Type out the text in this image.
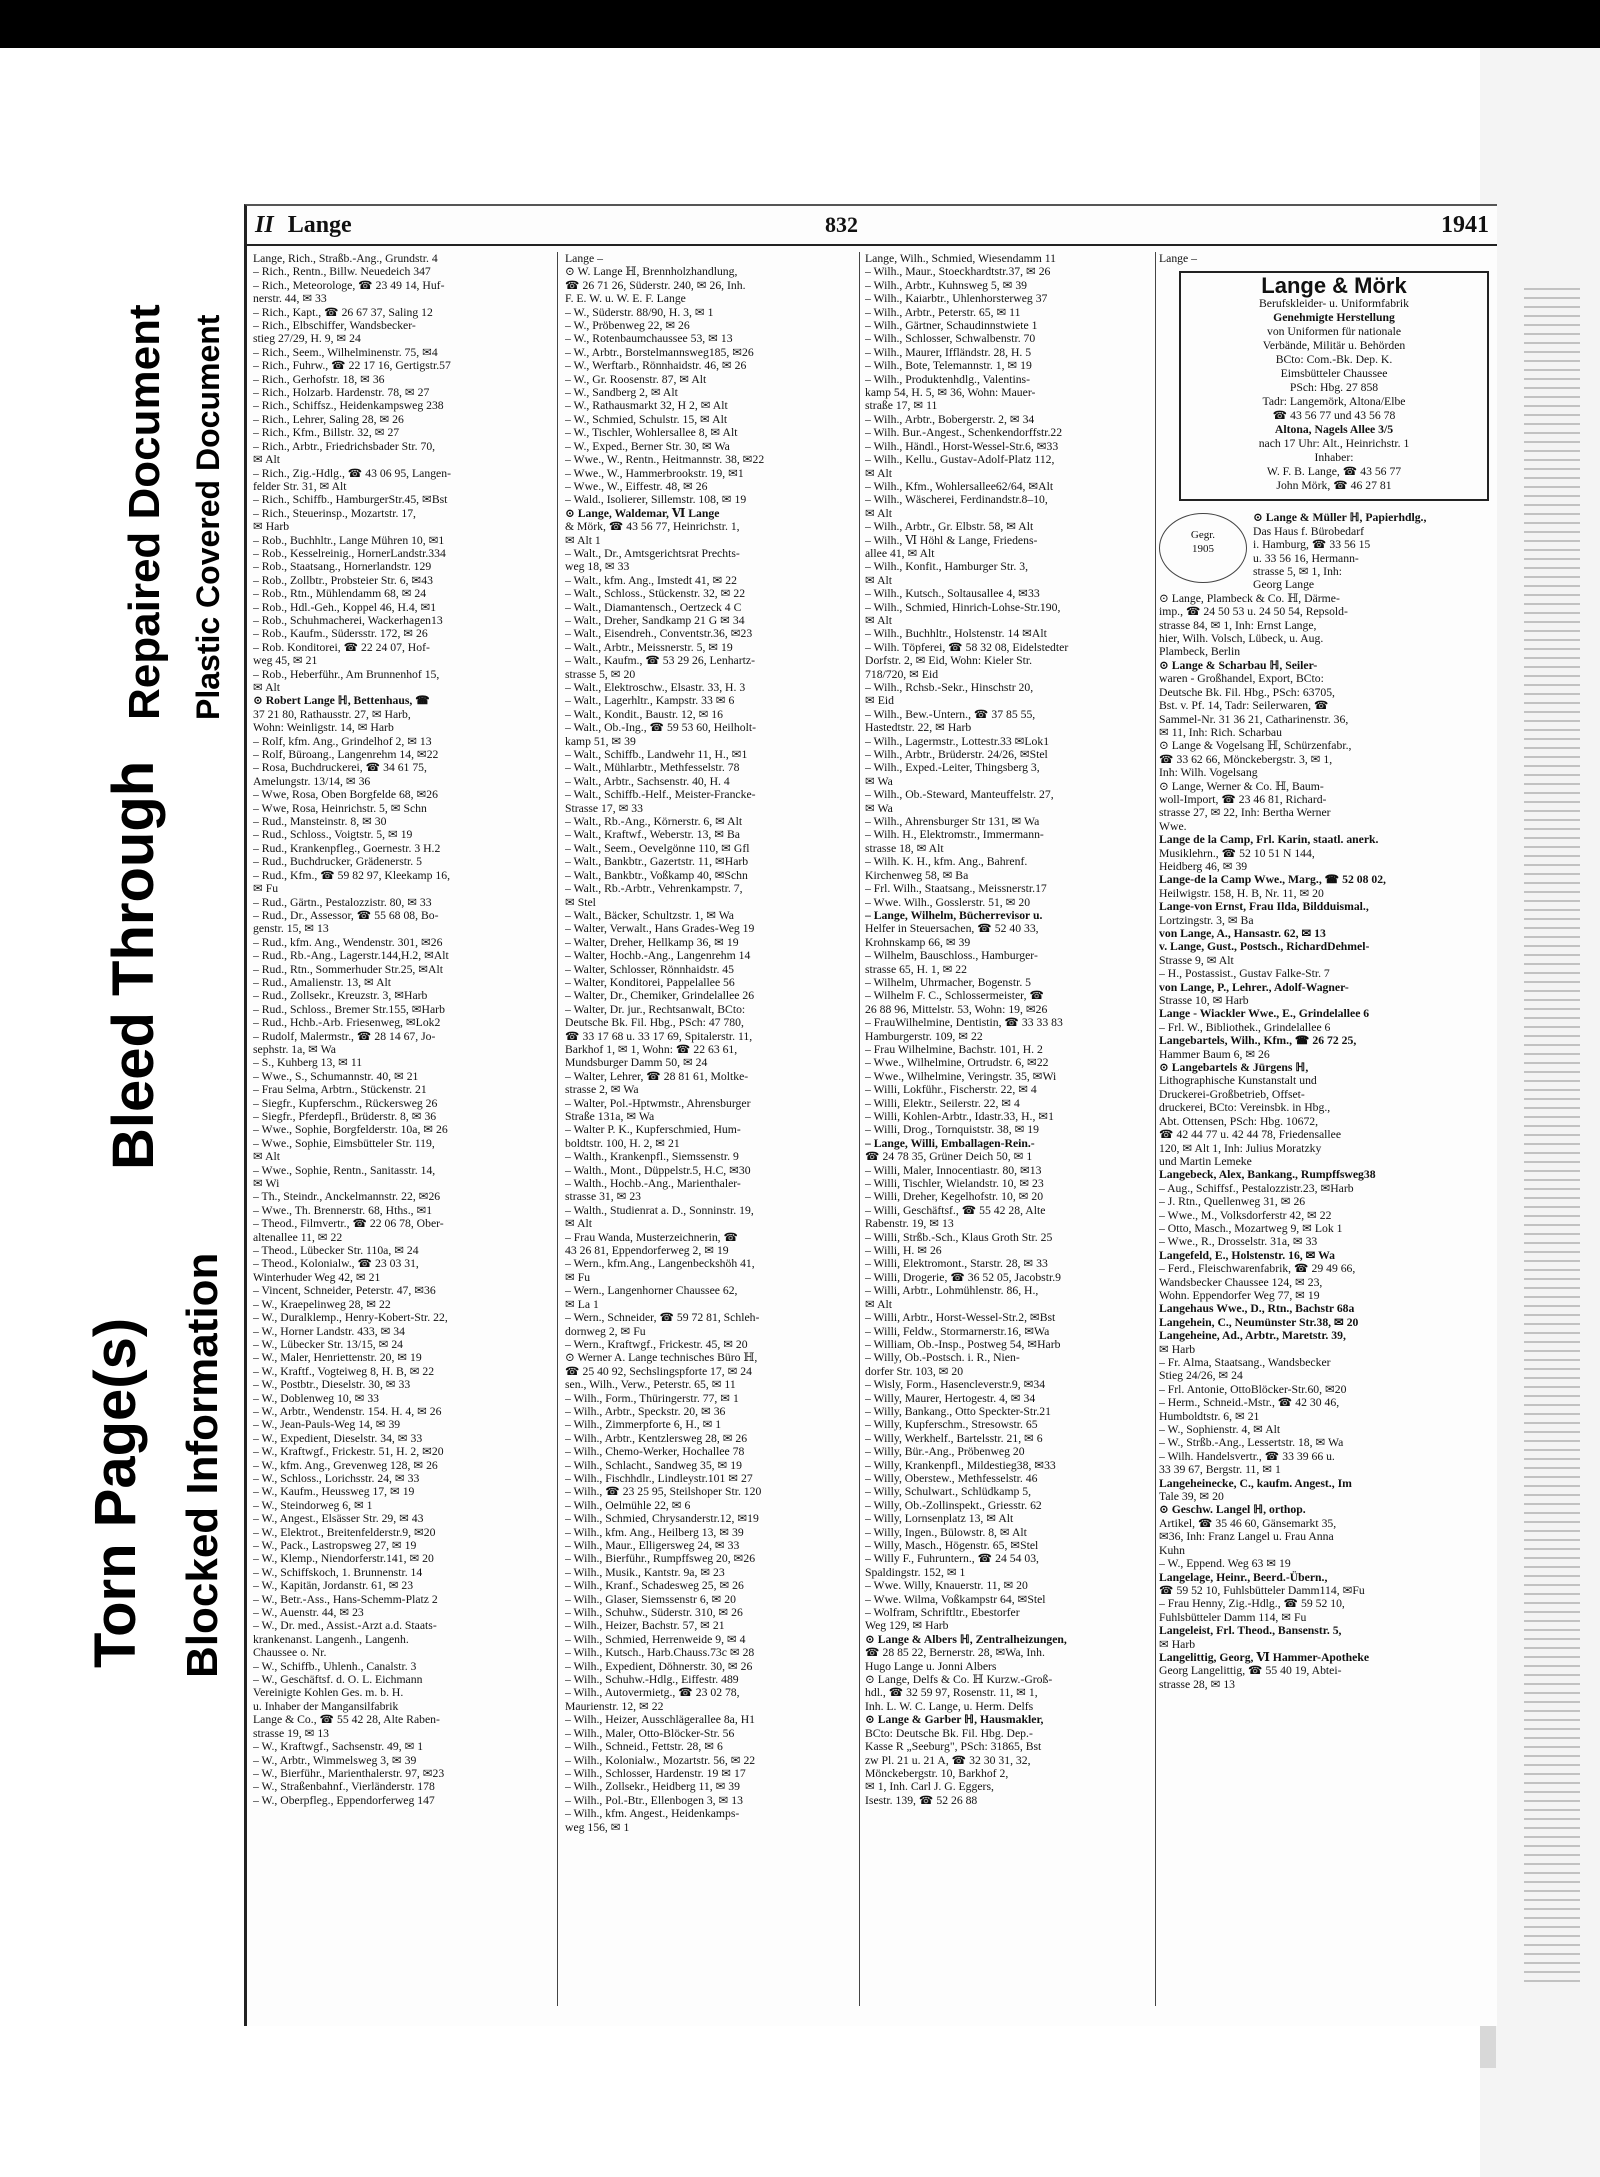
Torn Page(s)
Bleed Through
Repaired Document
Blocked Information
Plastic Covered Document
II Lange	832	1941
Lange, Rich., Straßb.-Ang., Grundstr. 4
– Rich., Rentn., Billw. Neuedeich 347
– Rich., Meteorologe, ☎ 23 49 14, Huf-
nerstr. 44, ✉ 33
– Rich., Kapt., ☎ 26 67 37, Saling 12
– Rich., Elbschiffer, Wandsbecker-
stieg 27/29, H. 9, ✉ 24
– Rich., Seem., Wilhelminenstr. 75, ✉4
– Rich., Fuhrw., ☎ 22 17 16, Gertigstr.57
– Rich., Gerhofstr. 18, ✉ 36
– Rich., Holzarb. Hardenstr. 78, ✉ 27
– Rich., Schiffsz., Heidenkampsweg 238
– Rich., Lehrer, Saling 28, ✉ 26
– Rich., Kfm., Billstr. 32, ✉ 27
– Rich., Arbtr., Friedrichsbader Str. 70,
✉ Alt
– Rich., Zig.-Hdlg., ☎ 43 06 95, Langen-
felder Str. 31, ✉ Alt
– Rich., Schiffb., HamburgerStr.45, ✉Bst
– Rich., Steuerinsp., Mozartstr. 17,
✉ Harb
– Rob., Buchhltr., Lange Mühren 10, ✉1
– Rob., Kesselreinig., HornerLandstr.334
– Rob., Staatsang., Hornerlandstr. 129
– Rob., Zollbtr., Probsteier Str. 6, ✉43
– Rob., Rtn., Mühlendamm 68, ✉ 24
– Rob., Hdl.-Geh., Koppel 46, H.4, ✉1
– Rob., Schuhmacherei, Wackerhagen13
– Rob., Kaufm., Südersstr. 172, ✉ 26
– Rob. Konditorei, ☎ 22 24 07, Hof-
weg 45, ✉ 21
– Rob., Heberführ., Am Brunnenhof 15,
✉ Alt
⊙ Robert Lange ℍ, Bettenhaus, ☎
37 21 80, Rathausstr. 27, ✉ Harb,
Wohn: Weinligstr. 14, ✉ Harb
– Rolf, kfm. Ang., Grindelhof 2, ✉ 13
– Rolf, Büroang., Langenrehm 14, ✉22
– Rosa, Buchdruckerei, ☎ 34 61 75,
Amelungstr. 13/14, ✉ 36
– Wwe, Rosa, Oben Borgfelde 68, ✉26
– Wwe, Rosa, Heinrichstr. 5, ✉ Schn
– Rud., Mansteinstr. 8, ✉ 30
– Rud., Schloss., Voigtstr. 5, ✉ 19
– Rud., Krankenpfleg., Goernestr. 3 H.2
– Rud., Buchdrucker, Grädenerstr. 5
– Rud., Kfm., ☎ 59 82 97, Kleekamp 16,
✉ Fu
– Rud., Gärtn., Pestalozzistr. 80, ✉ 33
– Rud., Dr., Assessor, ☎ 55 68 08, Bo-
genstr. 15, ✉ 13
– Rud., kfm. Ang., Wendenstr. 301, ✉26
– Rud., Rb.-Ang., Lagerstr.144,H.2, ✉Alt
– Rud., Rtn., Sommerhuder Str.25, ✉Alt
– Rud., Amalienstr. 13, ✉ Alt
– Rud., Zollsekr., Kreuzstr. 3, ✉Harb
– Rud., Schloss., Bremer Str.155, ✉Harb
– Rud., Hchb.-Arb. Friesenweg, ✉Lok2
– Rudolf, Malermstr., ☎ 28 14 67, Jo-
sephstr. 1a, ✉ Wa
– S., Kuhberg 13, ✉ 11
– Wwe., S., Schumannstr. 40, ✉ 21
– Frau Selma, Arbtrn., Stückenstr. 21
– Siegfr., Kupferschm., Rückersweg 26
– Siegfr., Pferdepfl., Brüderstr. 8, ✉ 36
– Wwe., Sophie, Borgfelderstr. 10a, ✉ 26
– Wwe., Sophie, Eimsbütteler Str. 119,
✉ Alt
– Wwe., Sophie, Rentn., Sanitasstr. 14,
✉ Wi
– Th., Steindr., Anckelmannstr. 22, ✉26
– Wwe., Th. Brennerstr. 68, Hths., ✉1
– Theod., Filmvertr., ☎ 22 06 78, Ober-
altenallee 11, ✉ 22
– Theod., Lübecker Str. 110a, ✉ 24
– Theod., Kolonialw., ☎ 23 03 31,
Winterhuder Weg 42, ✉ 21
– Vincent, Schneider, Peterstr. 47, ✉36
– W., Kraepelinweg 28, ✉ 22
– W., Duralklemp., Henry-Kobert-Str. 22,
– W., Horner Landstr. 433, ✉ 34
– W., Lübecker Str. 13/15, ✉ 24
– W., Maler, Henriettenstr. 20, ✉ 19
– W., Kraftf., Vogteiweg 8, H. B, ✉ 22
– W., Postbtr., Dieselstr. 30, ✉ 33
– W., Doblenweg 10, ✉ 33
– W., Arbtr., Wendenstr. 154. H. 4, ✉ 26
– W., Jean-Pauls-Weg 14, ✉ 39
– W., Expedient, Dieselstr. 34, ✉ 33
– W., Kraftwgf., Frickestr. 51, H. 2, ✉20
– W., kfm. Ang., Grevenweg 128, ✉ 26
– W., Schloss., Lorichsstr. 24, ✉ 33
– W., Kaufm., Heussweg 17, ✉ 19
– W., Steindorweg 6, ✉ 1
– W., Angest., Elsässer Str. 29, ✉ 43
– W., Elektrot., Breitenfelderstr.9, ✉20
– W., Pack., Lastropsweg 27, ✉ 19
– W., Klemp., Niendorferstr.141, ✉ 20
– W., Schiffskoch, 1. Brunnenstr. 14
– W., Kapitän, Jordanstr. 61, ✉ 23
– W., Betr.-Ass., Hans-Schemm-Platz 2
– W., Auenstr. 44, ✉ 23
– W., Dr. med., Assist.-Arzt a.d. Staats-
krankenanst. Langenh., Langenh.
Chaussee o. Nr.
– W., Schiffb., Uhlenh., Canalstr. 3
– W., Geschäftsf. d. O. L. Eichmann
Vereinigte Kohlen Ges. m. b. H.
u. Inhaber der Mangansilfabrik
Lange & Co., ☎ 55 42 28, Alte Raben-
strasse 19, ✉ 13
– W., Kraftwgf., Sachsenstr. 49, ✉ 1
– W., Arbtr., Wimmelsweg 3, ✉ 39
– W., Bierführ., Marienthalerstr. 97, ✉23
– W., Straßenbahnf., Vierländerstr. 178
– W., Oberpfleg., Eppendorferweg 147
Lange –
⊙ W. Lange ℍ, Brennholzhandlung,
☎ 26 71 26, Süderstr. 240, ✉ 26, Inh.
F. E. W. u. W. E. F. Lange
– W., Süderstr. 88/90, H. 3, ✉ 1
– W., Pröbenweg 22, ✉ 26
– W., Rotenbaumchaussee 53, ✉ 13
– W., Arbtr., Borstelmannsweg185, ✉26
– W., Werftarb., Rönnhaidstr. 46, ✉ 26
– W., Gr. Roosenstr. 87, ✉ Alt
– W., Sandberg 2, ✉ Alt
– W., Rathausmarkt 32, H 2, ✉ Alt
– W., Schmied, Schulstr. 15, ✉ Alt
– W., Tischler, Wohlersallee 8, ✉ Alt
– W., Exped., Berner Str. 30, ✉ Wa
– Wwe., W., Rentn., Heitmannstr. 38, ✉22
– Wwe., W., Hammerbrookstr. 19, ✉1
– Wwe., W., Eiffestr. 48, ✉ 26
– Wald., Isolierer, Sillemstr. 108, ✉ 19
⊙ Lange, Waldemar, Ⅵ Lange
& Mörk, ☎ 43 56 77, Heinrichstr. 1,
✉ Alt 1
– Walt., Dr., Amtsgerichtsrat Prechts-
weg 18, ✉ 33
– Walt., kfm. Ang., Imstedt 41, ✉ 22
– Walt., Schloss., Stückenstr. 32, ✉ 22
– Walt., Diamantensch., Oertzeck 4 C
– Walt., Dreher, Sandkamp 21 G ✉ 34
– Walt., Eisendreh., Conventstr.36, ✉23
– Walt., Arbtr., Meissnerstr. 5, ✉ 19
– Walt., Kaufm., ☎ 53 29 26, Lenhartz-
strasse 5, ✉ 20
– Walt., Elektroschw., Elsastr. 33, H. 3
– Walt., Lagerhltr., Kampstr. 33 ✉ 6
– Walt., Kondit., Baustr. 12, ✉ 16
– Walt., Ob.-Ing., ☎ 59 53 60, Heilholt-
kamp 51, ✉ 39
– Walt., Schiffb., Landwehr 11, H., ✉1
– Walt., Mühlarbtr., Methfesselstr. 78
– Walt., Arbtr., Sachsenstr. 40, H. 4
– Walt., Schiffb.-Helf., Meister-Francke-
Strasse 17, ✉ 33
– Walt., Rb.-Ang., Körnerstr. 6, ✉ Alt
– Walt., Kraftwf., Weberstr. 13, ✉ Ba
– Walt., Seem., Oevelgönne 110, ✉ Gfl
– Walt., Bankbtr., Gazertstr. 11, ✉Harb
– Walt., Bankbtr., Voßkamp 40, ✉Schn
– Walt., Rb.-Arbtr., Vehrenkampstr. 7,
✉ Stel
– Walt., Bäcker, Schultzstr. 1, ✉ Wa
– Walter, Verwalt., Hans Grades-Weg 19
– Walter, Dreher, Hellkamp 36, ✉ 19
– Walter, Hochb.-Ang., Langenrehm 14
– Walter, Schlosser, Rönnhaidstr. 45
– Walter, Konditorei, Pappelallee 56
– Walter, Dr., Chemiker, Grindelallee 26
– Walter, Dr. jur., Rechtsanwalt, BCto:
Deutsche Bk. Fil. Hbg., PSch: 47 780,
☎ 33 17 68 u. 33 17 69, Spitalerstr. 11,
Barkhof 1, ✉ 1, Wohn: ☎ 22 63 61,
Mundsburger Damm 50, ✉ 24
– Walter, Lehrer, ☎ 28 81 61, Moltke-
strasse 2, ✉ Wa
– Walter, Pol.-Hptwmstr., Ahrensburger
Straße 131a, ✉ Wa
– Walter P. K., Kupferschmied, Hum-
boldtstr. 100, H. 2, ✉ 21
– Walth., Krankenpfl., Siemssenstr. 9
– Walth., Mont., Düppelstr.5, H.C, ✉30
– Walth., Hochb.-Ang., Marienthaler-
strasse 31, ✉ 23
– Walth., Studienrat a. D., Sonninstr. 19,
✉ Alt
– Frau Wanda, Musterzeichnerin, ☎
43 26 81, Eppendorferweg 2, ✉ 19
– Wern., kfm.Ang., Langenbeckshöh 41,
✉ Fu
– Wern., Langenhorner Chaussee 62,
✉ La 1
– Wern., Schneider, ☎ 59 72 81, Schleh-
dornweg 2, ✉ Fu
– Wern., Kraftwgf., Frickestr. 45, ✉ 20
⊙ Werner A. Lange technisches Büro ℍ,
☎ 25 40 92, Sechslingspforte 17, ✉ 24
sen., Wilh., Verw., Peterstr. 65, ✉ 11
– Wilh., Form., Thüringerstr. 77, ✉ 1
– Wilh., Arbtr., Speckstr. 20, ✉ 36
– Wilh., Zimmerpforte 6, H., ✉ 1
– Wilh., Arbtr., Kentzlersweg 28, ✉ 26
– Wilh., Chemo-Werker, Hochallee 78
– Wilh., Schlacht., Sandweg 35, ✉ 19
– Wilh., Fischhdlr., Lindleystr.101 ✉ 27
– Wilh., ☎ 23 25 95, Steilshoper Str. 120
– Wilh., Oelmühle 22, ✉ 6
– Wilh., Schmied, Chrysanderstr.12, ✉19
– Wilh., kfm. Ang., Heilberg 13, ✉ 39
– Wilh., Maur., Elligersweg 24, ✉ 33
– Wilh., Bierführ., Rumpffsweg 20, ✉26
– Wilh., Musik., Kantstr. 9a, ✉ 23
– Wilh., Kranf., Schadesweg 25, ✉ 26
– Wilh., Glaser, Siemssenstr 6, ✉ 20
– Wilh., Schuhw., Süderstr. 310, ✉ 26
– Wilh., Heizer, Bachstr. 57, ✉ 21
– Wilh., Schmied, Herrenweide 9, ✉ 4
– Wilh., Kutsch., Harb.Chauss.73c ✉ 28
– Wilh., Expedient, Döhnerstr. 30, ✉ 26
– Wilh., Schuhw.-Hdlg., Eiffestr. 489
– Wilh., Autovermietg., ☎ 23 02 78,
Maurienstr. 12, ✉ 22
– Wilh., Heizer, Ausschlägerallee 8a, H1
– Wilh., Maler, Otto-Blöcker-Str. 56
– Wilh., Schneid., Fettstr. 28, ✉ 6
– Wilh., Kolonialw., Mozartstr. 56, ✉ 22
– Wilh., Schlosser, Hardenstr. 19 ✉ 17
– Wilh., Zollsekr., Heidberg 11, ✉ 39
– Wilh., Pol.-Btr., Ellenbogen 3, ✉ 13
– Wilh., kfm. Angest., Heidenkamps-
weg 156, ✉ 1
Lange, Wilh., Schmied, Wiesendamm 11
– Wilh., Maur., Stoeckhardtstr.37, ✉ 26
– Wilh., Arbtr., Kuhnsweg 5, ✉ 39
– Wilh., Kaiarbtr., Uhlenhorsterweg 37
– Wilh., Arbtr., Peterstr. 65, ✉ 11
– Wilh., Gärtner, Schaudinnstwiete 1
– Wilh., Schlosser, Schwalbenstr. 70
– Wilh., Maurer, Iffländstr. 28, H. 5
– Wilh., Bote, Telemannstr. 1, ✉ 19
– Wilh., Produktenhdlg., Valentins-
kamp 54, H. 5, ✉ 36, Wohn: Mauer-
straße 17, ✉ 11
– Wilh., Arbtr., Bobergerstr. 2, ✉ 34
– Wilh. Bur.-Angest., Schenkendorffstr.22
– Wilh., Händl., Horst-Wessel-Str.6, ✉33
– Wilh., Kellu., Gustav-Adolf-Platz 112,
✉ Alt
– Wilh., Kfm., Wohlersallee62/64, ✉Alt
– Wilh., Wäscherei, Ferdinandstr.8–10,
✉ Alt
– Wilh., Arbtr., Gr. Elbstr. 58, ✉ Alt
– Wilh., Ⅵ Höhl & Lange, Friedens-
allee 41, ✉ Alt
– Wilh., Konfit., Hamburger Str. 3,
✉ Alt
– Wilh., Kutsch., Soltausallee 4, ✉33
– Wilh., Schmied, Hinrich-Lohse-Str.190,
✉ Alt
– Wilh., Buchhltr., Holstenstr. 14 ✉Alt
– Wilh. Töpferei, ☎ 58 32 08, Eidelstedter
Dorfstr. 2, ✉ Eid, Wohn: Kieler Str.
718/720, ✉ Eid
– Wilh., Rchsb.-Sekr., Hinschstr 20,
✉ Eid
– Wilh., Bew.-Untern., ☎ 37 85 55,
Hastedtstr. 22, ✉ Harb
– Wilh., Lagermstr., Lottestr.33 ✉Lok1
– Wilh., Arbtr., Brüderstr. 24/26, ✉Stel
– Wilh., Exped.-Leiter, Thingsberg 3,
✉ Wa
– Wilh., Ob.-Steward, Manteuffelstr. 27,
✉ Wa
– Wilh., Ahrensburger Str 131, ✉ Wa
– Wilh. H., Elektromstr., Immermann-
strasse 18, ✉ Alt
– Wilh. K. H., kfm. Ang., Bahrenf.
Kirchenweg 58, ✉ Ba
– Frl. Wilh., Staatsang., Meissnerstr.17
– Wwe. Wilh., Gosslerstr. 51, ✉ 20
– Lange, Wilhelm, Bücherrevisor u.
Helfer in Steuersachen, ☎ 52 40 33,
Krohnskamp 66, ✉ 39
– Wilhelm, Bauschloss., Hamburger-
strasse 65, H. 1, ✉ 22
– Wilhelm, Uhrmacher, Bogenstr. 5
– Wilhelm F. C., Schlossermeister, ☎
26 88 96, Mittelstr. 53, Wohn: 19, ✉26
– FrauWilhelmine, Dentistin, ☎ 33 33 83
Hamburgerstr. 109, ✉ 22
– Frau Wilhelmine, Bachstr. 101, H. 2
– Wwe., Wilhelmine, Ortrudstr. 6, ✉22
– Wwe., Wilhelmine, Veringstr. 35, ✉Wi
– Willi, Lokführ., Fischerstr. 22, ✉ 4
– Willi, Elektr., Seilerstr. 22, ✉ 4
– Willi, Kohlen-Arbtr., Idastr.33, H., ✉1
– Willi, Drog., Tornquiststr. 38, ✉ 19
– Lange, Willi, Emballagen-Rein.-
☎ 24 78 35, Grüner Deich 50, ✉ 1
– Willi, Maler, Innocentiastr. 80, ✉13
– Willi, Tischler, Wielandstr. 10, ✉ 23
– Willi, Dreher, Kegelhofstr. 10, ✉ 20
– Willi, Geschäftsf., ☎ 55 42 28, Alte
Rabenstr. 19, ✉ 13
– Willi, Strßb.-Sch., Klaus Groth Str. 25
– Willi, H. ✉ 26
– Willi, Elektromont., Starstr. 28, ✉ 33
– Willi, Drogerie, ☎ 36 52 05, Jacobstr.9
– Willi, Arbtr., Lohmühlenstr. 86, H.,
✉ Alt
– Willi, Arbtr., Horst-Wessel-Str.2, ✉Bst
– Willi, Feldw., Stormarnerstr.16, ✉Wa
– William, Ob.-Insp., Postweg 54, ✉Harb
– Willy, Ob.-Postsch. i. R., Nien-
dorfer Str. 103, ✉ 20
– Wisly, Form., Hasencleverstr.9, ✉34
– Willy, Maurer, Hertogestr. 4, ✉ 34
– Willy, Bankang., Otto Speckter-Str.21
– Willy, Kupferschm., Stresowstr. 65
– Willy, Werkhelf., Bartelsstr. 21, ✉ 6
– Willy, Bür.-Ang., Pröbenweg 20
– Willy, Krankenpfl., Mildestieg38, ✉33
– Willy, Oberstew., Methfesselstr. 46
– Willy, Schulwart., Schlüdkamp 5,
– Willy, Ob.-Zollinspekt., Griesstr. 62
– Willy, Lornsenplatz 13, ✉ Alt
– Willy, Ingen., Bülowstr. 8, ✉ Alt
– Willy, Masch., Högenstr. 65, ✉Stel
– Willy F., Fuhruntern., ☎ 24 54 03,
Spaldingstr. 152, ✉ 1
– Wwe. Willy, Knauerstr. 11, ✉ 20
– Wwe. Wilma, Voßkampstr 64, ✉Stel
– Wolfram, Schriftltr., Ebestorfer
Weg 129, ✉ Harb
⊙ Lange & Albers ℍ, Zentralheizungen,
☎ 28 85 22, Bernerstr. 28, ✉Wa, Inh.
Hugo Lange u. Jonni Albers
⊙ Lange, Delfs & Co. ℍ Kurzw.-Groß-
hdl., ☎ 32 59 97, Rosenstr. 11, ✉ 1,
Inh. L. W. C. Lange, u. Herm. Delfs
⊙ Lange & Garber ℍ, Hausmakler,
BCto: Deutsche Bk. Fil. Hbg. Dep.-
Kasse R „Seeburg", PSch: 31865, Bst
zw Pl. 21 u. 21 A, ☎ 32 30 31, 32,
Mönckebergstr. 10, Barkhof 2,
✉ 1, Inh. Carl J. G. Eggers,
Isestr. 139, ☎ 52 26 88
Lange –
Lange & Mörk
Berufskleider- u. Uniformfabrik
Genehmigte Herstellung
von Uniformen für nationale
Verbände, Militär u. Behörden
BCto: Com.-Bk. Dep. K.
Eimsbütteler Chaussee
PSch: Hbg. 27 858
Tadr: Langemörk, Altona/Elbe
☎ 43 56 77 und 43 56 78
Altona, Nagels Allee 3/5
nach 17 Uhr: Alt., Heinrichstr. 1
Inhaber:
W. F. B. Lange, ☎ 43 56 77
John Mörk, ☎ 46 27 81
Gegr.
1905
⊙ Lange & Müller ℍ, Papierhdlg.,
Das Haus f. Bürobedarf
i. Hamburg, ☎ 33 56 15
u. 33 56 16, Hermann-
strasse 5, ✉ 1, Inh:
Georg Lange
⊙ Lange, Plambeck & Co. ℍ, Därme-
imp., ☎ 24 50 53 u. 24 50 54, Repsold-
strasse 84, ✉ 1, Inh: Ernst Lange,
hier, Wilh. Volsch, Lübeck, u. Aug.
Plambeck, Berlin
⊙ Lange & Scharbau ℍ, Seiler-
waren - Großhandel, Export, BCto:
Deutsche Bk. Fil. Hbg., PSch: 63705,
Bst. v. Pf. 14, Tadr: Seilerwaren, ☎
Sammel-Nr. 31 36 21, Catharinenstr. 36,
✉ 11, Inh: Rich. Scharbau
⊙ Lange & Vogelsang ℍ, Schürzenfabr.,
☎ 33 62 66, Mönckebergstr. 3, ✉ 1,
Inh: Wilh. Vogelsang
⊙ Lange, Werner & Co. ℍ, Baum-
woll-Import, ☎ 23 46 81, Richard-
strasse 27, ✉ 22, Inh: Bertha Werner
Wwe.
Lange de la Camp, Frl. Karin, staatl. anerk.
Musiklehrn., ☎ 52 10 51 N 144,
Heidberg 46, ✉ 39
Lange-de la Camp Wwe., Marg., ☎ 52 08 02,
Heilwigstr. 158, H. B, Nr. 11, ✉ 20
Lange-von Ernst, Frau Ilda, Bildduismal.,
Lortzingstr. 3, ✉ Ba
von Lange, A., Hansastr. 62, ✉ 13
v. Lange, Gust., Postsch., RichardDehmel-
Strasse 9, ✉ Alt
– H., Postassist., Gustav Falke-Str. 7
von Lange, P., Lehrer., Adolf-Wagner-
Strasse 10, ✉ Harb
Lange - Wiackler Wwe., E., Grindelallee 6
– Frl. W., Bibliothek., Grindelallee 6
Langebartels, Wilh., Kfm., ☎ 26 72 25,
Hammer Baum 6, ✉ 26
⊙ Langebartels & Jürgens ℍ,
Lithographische Kunstanstalt und
Druckerei-Großbetrieb, Offset-
druckerei, BCto: Vereinsbk. in Hbg.,
Abt. Ottensen, PSch: Hbg. 10672,
☎ 42 44 77 u. 42 44 78, Friedensallee
120, ✉ Alt 1, Inh: Julius Moratzky
und Martin Lemeke
Langebeck, Alex, Bankang., Rumpffsweg38
– Aug., Schiffsf., Pestalozzistr.23, ✉Harb
– J. Rtn., Quellenweg 31, ✉ 26
– Wwe., M., Volksdorferstr 42, ✉ 22
– Otto, Masch., Mozartweg 9, ✉ Lok 1
– Wwe., R., Drosselstr. 31a, ✉ 33
Langefeld, E., Holstenstr. 16, ✉ Wa
– Ferd., Fleischwarenfabrik, ☎ 29 49 66,
Wandsbecker Chaussee 124, ✉ 23,
Wohn. Eppendorfer Weg 77, ✉ 19
Langehaus Wwe., D., Rtn., Bachstr 68a
Langehein, C., Neumünster Str.38, ✉ 20
Langeheine, Ad., Arbtr., Maretstr. 39,
✉ Harb
– Fr. Alma, Staatsang., Wandsbecker
Stieg 24/26, ✉ 24
– Frl. Antonie, OttoBlöcker-Str.60, ✉20
– Herm., Schneid.-Mstr., ☎ 42 30 46,
Humboldtstr. 6, ✉ 21
– W., Sophienstr. 4, ✉ Alt
– W., Strßb.-Ang., Lessertstr. 18, ✉ Wa
– Wilh. Handelsvertr., ☎ 33 39 66 u.
33 39 67, Bergstr. 11, ✉ 1
Langeheinecke, C., kaufm. Angest., Im
Tale 39, ✉ 20
⊙ Geschw. Langel ℍ, orthop.
Artikel, ☎ 35 46 60, Gänsemarkt 35,
✉36, Inh: Franz Langel u. Frau Anna
Kuhn
– W., Eppend. Weg 63 ✉ 19
Langelage, Heinr., Beerd.-Übern.,
☎ 59 52 10, Fuhlsbütteler Damm114, ✉Fu
– Frau Henny, Zig.-Hdlg., ☎ 59 52 10,
Fuhlsbütteler Damm 114, ✉ Fu
Langeleist, Frl. Theod., Bansenstr. 5,
✉ Harb
Langelittig, Georg, Ⅵ Hammer-Apotheke
Georg Langelittig, ☎ 55 40 19, Abtei-
strasse 28, ✉ 13
